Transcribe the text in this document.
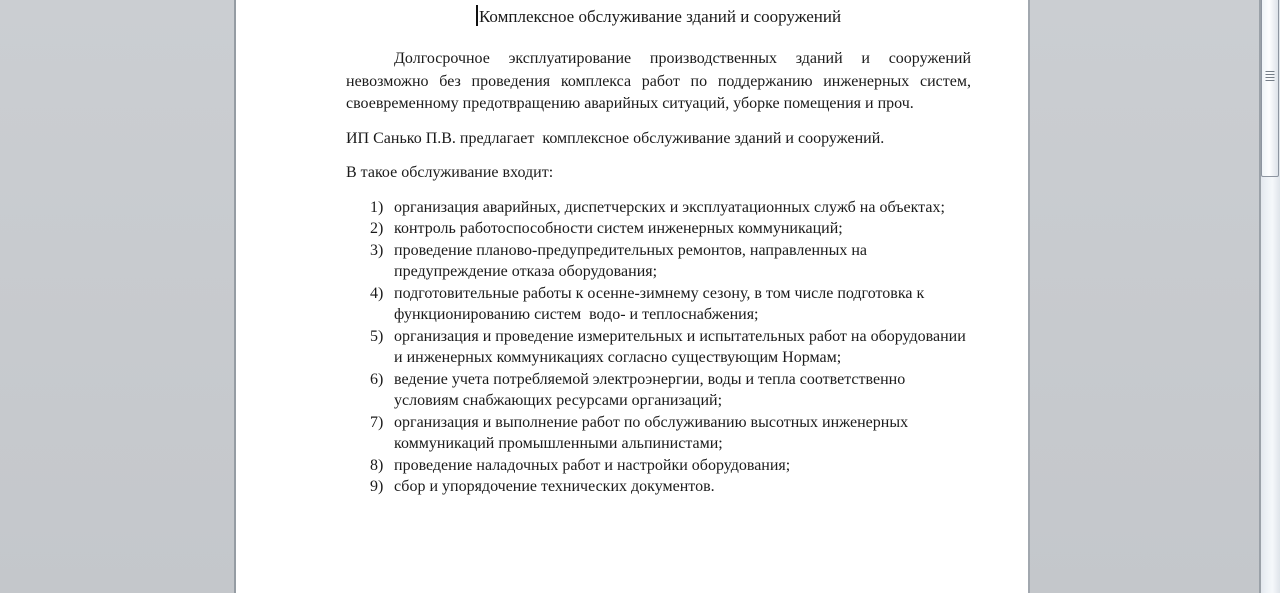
Комплексное обслуживание зданий и сооружений

Долгосрочное эксплуатирование производственных зданий и сооружений невозможно без проведения комплекса работ по поддержанию инженерных систем, своевременному предотвращению аварийных ситуаций, уборке помещения и проч.

ИП Санько П.В. предлагает  комплексное обслуживание зданий и сооружений.

В такое обслуживание входит:

1) организация аварийных, диспетчерских и эксплуатационных служб на объектах;
2) контроль работоспособности систем инженерных коммуникаций;
3) проведение планово-предупредительных ремонтов, направленных на предупреждение отказа оборудования;
4) подготовительные работы к осенне-зимнему сезону, в том числе подготовка к функционированию систем  водо- и теплоснабжения;
5) организация и проведение измерительных и испытательных работ на оборудовании и инженерных коммуникациях согласно существующим Нормам;
6) ведение учета потребляемой электроэнергии, воды и тепла соответственно условиям снабжающих ресурсами организаций;
7) организация и выполнение работ по обслуживанию высотных инженерных коммуникаций промышленными альпинистами;
8) проведение наладочных работ и настройки оборудования;
9) сбор и упорядочение технических документов.
